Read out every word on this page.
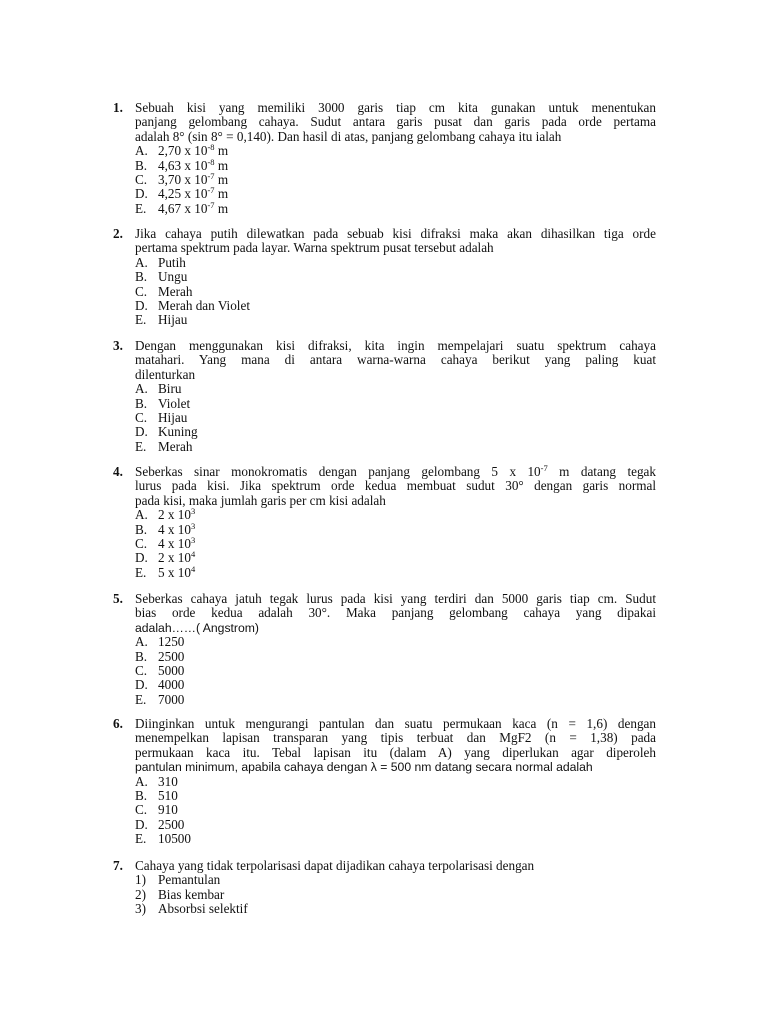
1. Sebuah kisi yang memiliki 3000 garis tiap cm kita gunakan untuk menentukan
panjang gelombang cahaya. Sudut antara garis pusat dan garis pada orde pertama
adalah 8° (sin 8° = 0,140). Dan hasil di atas, panjang gelombang cahaya itu ialah
A. 2,70 x $10^{-8}$ m
B. 4,63 x $10^{-8}$ m
C. 3,70 x $10^{-7}$ m
D. 4,25 x $10^{-7}$ m
E. 4,67 x $10^{-7}$ m
2. Jika cahaya putih dilewatkan pada sebuab kisi difraksi maka akan dihasilkan tiga orde
pertama spektrum pada layar. Warna spektrum pusat tersebut adalah
A. Putih
B. Ungu
C. Merah
D. Merah dan Violet
E. Hijau
3. Dengan menggunakan kisi difraksi, kita ingin mempelajari suatu spektrum cahaya
matahari. Yang mana di antara warna-warna cahaya berikut yang paling kuat
dilenturkan
A. Biru
B. Violet
C. Hijau
D. Kuning
E. Merah
4. Seberkas sinar monokromatis dengan panjang gelombang 5 x $10^{-7}$ m datang tegak
lurus pada kisi. Jika spektrum orde kedua membuat sudut 30° dengan garis normal
pada kisi, maka jumlah garis per cm kisi adalah
A. 2 x $10^3$
B. 4 x $10^3$
C. 4 x $10^3$
D. 2 x $10^4$
E. 5 x $10^4$
5. Seberkas cahaya jatuh tegak lurus pada kisi yang terdiri dan 5000 garis tiap cm. Sudut
bias orde kedua adalah 30°. Maka panjang gelombang cahaya yang dipakai
adalah……( Angstrom)
A. 1250
B. 2500
C. 5000
D. 4000
E. 7000
6. Diinginkan untuk mengurangi pantulan dan suatu permukaan kaca (n = 1,6) dengan
menempelkan lapisan transparan yang tipis terbuat dan MgF2 (n = 1,38) pada
permukaan kaca itu. Tebal lapisan itu (dalam A) yang diperlukan agar diperoleh
pantulan minimum, apabila cahaya dengan λ = 500 nm datang secara normal adalah
A. 310
B. 510
C. 910
D. 2500
E. 10500
7. Cahaya yang tidak terpolarisasi dapat dijadikan cahaya terpolarisasi dengan
1) Pemantulan
2) Bias kembar
3) Absorbsi selektif
